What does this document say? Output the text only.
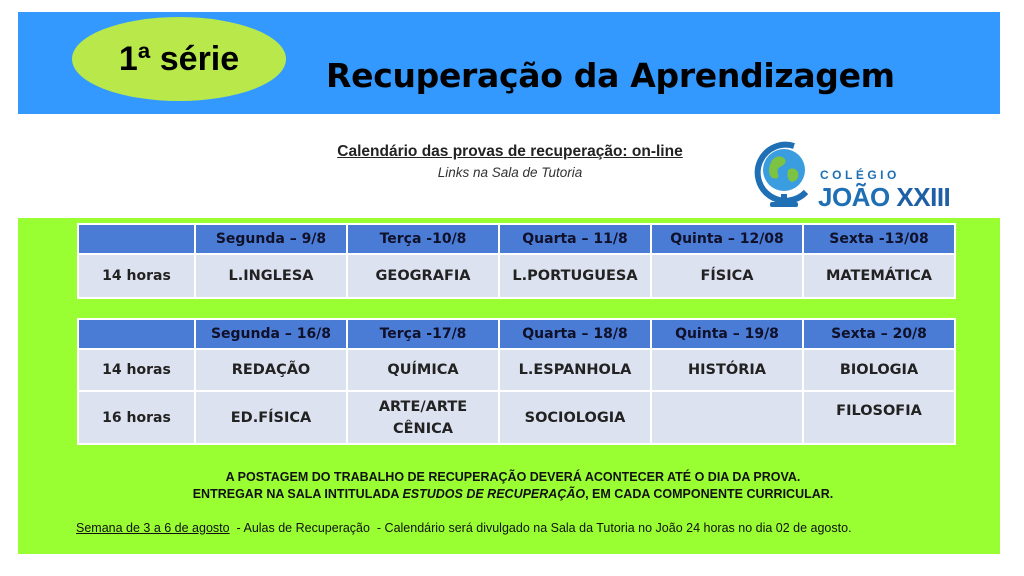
1ª série	Recuperação da Aprendizagem
Calendário das provas de recuperação: on-line
Links na Sala de Tutoria	COLÉGIO
JOÃO XXIII
	Segunda – 9/8	Terça -10/8	Quarta – 11/8	Quinta – 12/08	Sexta -13/08
14 horas	L.INGLESA	GEOGRAFIA	L.PORTUGUESA	FÍSICA	MATEMÁTICA
	Segunda – 16/8	Terça -17/8	Quarta – 18/8	Quinta – 19/8	Sexta – 20/8
14 horas	REDAÇÃO	QUÍMICA	L.ESPANHOLA	HISTÓRIA	BIOLOGIA
16 horas	ED.FÍSICA	ARTE/ARTE CÊNICA	SOCIOLOGIA		FILOSOFIA
A POSTAGEM DO TRABALHO DE RECUPERAÇÃO DEVERÁ ACONTECER ATÉ O DIA DA PROVA.
ENTREGAR NA SALA INTITULADA ESTUDOS DE RECUPERAÇÃO, EM CADA COMPONENTE CURRICULAR.
Semana de 3 a 6 de agosto  - Aulas de Recuperação  - Calendário será divulgado na Sala da Tutoria no João 24 horas no dia 02 de agosto.
